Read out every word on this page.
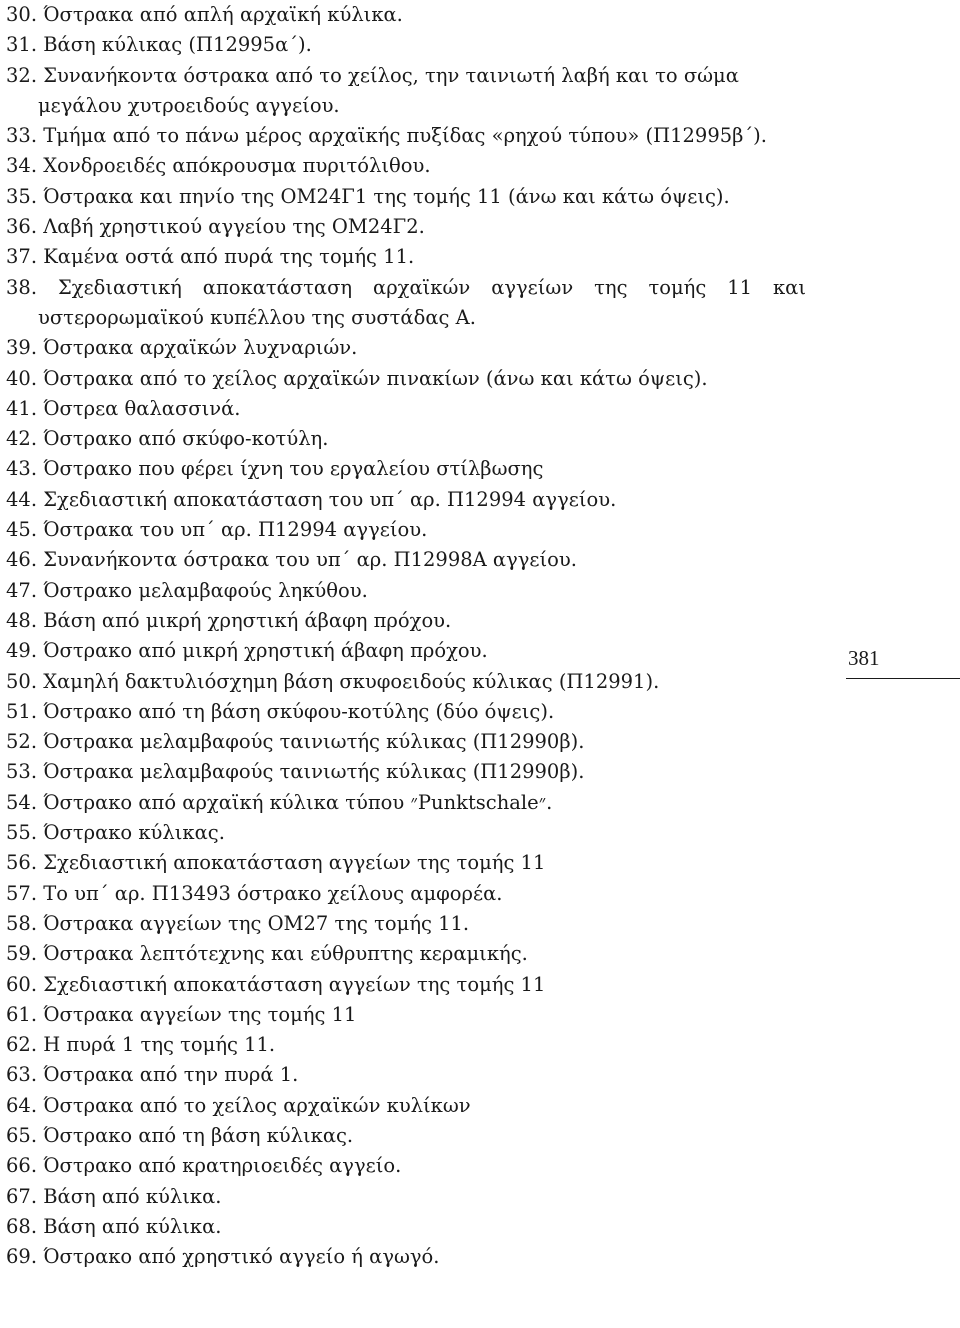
30. Όστρακα από απλή αρχαϊκή κύλικα.
31. Βάση κύλικας (Π12995α΄).
32. Συνανήκοντα όστρακα από το χείλος, την ταινιωτή λαβή και το σώμα μεγάλου χυτροειδούς αγγείου.
33. Τμήμα από το πάνω μέρος αρχαϊκής πυξίδας «ρηχού τύπου» (Π12995β΄).
34. Χονδροειδές απόκρουσμα πυριτόλιθου.
35. Όστρακα και πηνίο της ΟΜ24Γ1 της τομής 11 (άνω και κάτω όψεις).
36. Λαβή χρηστικού αγγείου της ΟΜ24Γ2.
37. Καμένα οστά από πυρά της τομής 11.
38. Σχεδιαστική αποκατάσταση αρχαϊκών αγγείων της τομής 11 και υστερορωμαϊκού κυπέλλου της συστάδας Α.
39. Όστρακα αρχαϊκών λυχναριών.
40. Όστρακα από το χείλος αρχαϊκών πινακίων (άνω και κάτω όψεις).
41. Όστρεα θαλασσινά.
42. Όστρακο από σκύφο-κοτύλη.
43. Όστρακο που φέρει ίχνη του εργαλείου στίλβωσης
44. Σχεδιαστική αποκατάσταση του υπ΄ αρ. Π12994 αγγείου.
45. Όστρακα του υπ΄ αρ. Π12994 αγγείου.
46. Συνανήκοντα όστρακα του υπ΄ αρ. Π12998Α αγγείου.
47. Όστρακο μελαμβαφούς ληκύθου.
48. Βάση από μικρή χρηστική άβαφη πρόχου.
49. Όστρακο από μικρή χρηστική άβαφη πρόχου.
50. Χαμηλή δακτυλιόσχημη βάση σκυφοειδούς κύλικας (Π12991).
51. Όστρακο από τη βάση σκύφου-κοτύλης (δύο όψεις).
52. Όστρακα μελαμβαφούς ταινιωτής κύλικας (Π12990β).
53. Όστρακα μελαμβαφούς ταινιωτής κύλικας (Π12990β).
54. Όστρακο από αρχαϊκή κύλικα τύπου ״Punktschale״.
55. Όστρακο κύλικας.
56. Σχεδιαστική αποκατάσταση αγγείων της τομής 11
57. Το υπ΄ αρ. Π13493 όστρακο χείλους αμφορέα.
58. Όστρακα αγγείων της ΟΜ27 της τομής 11.
59. Όστρακα λεπτότεχνης και εύθρυπτης κεραμικής.
60. Σχεδιαστική αποκατάσταση αγγείων της τομής 11
61. Όστρακα αγγείων της τομής 11
62. Η πυρά 1 της τομής 11.
63. Όστρακα από την πυρά 1.
64. Όστρακα από το χείλος αρχαϊκών κυλίκων
65. Όστρακο από τη βάση κύλικας.
66. Όστρακο από κρατηριοειδές αγγείο.
67. Βάση από κύλικα.
68. Βάση από κύλικα.
69. Όστρακο από χρηστικό αγγείο ή αγωγό.
381
